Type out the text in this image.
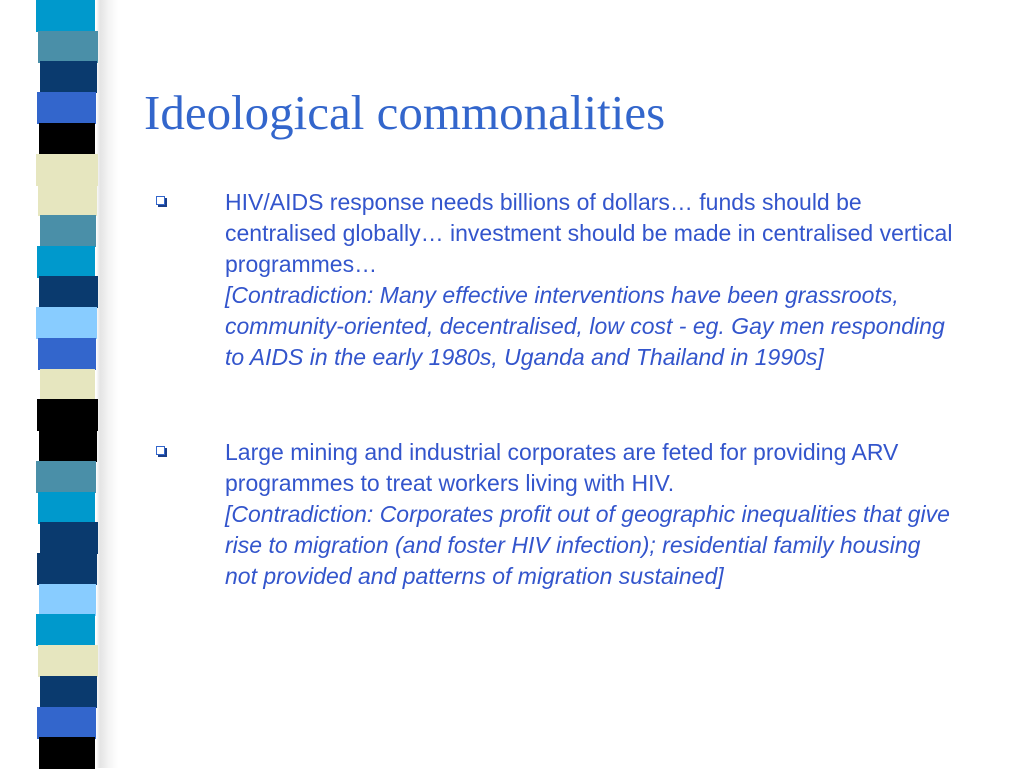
Ideological commonalities
HIV/AIDS response needs billions of dollars… funds should be centralised globally… investment should be made in centralised vertical programmes…
[Contradiction: Many effective interventions have been grassroots, community-oriented, decentralised, low cost - eg. Gay men responding to AIDS in the early 1980s, Uganda and Thailand in 1990s]
Large mining and industrial corporates are feted for providing ARV programmes to treat workers living with HIV.
[Contradiction: Corporates profit out of geographic inequalities that give rise to migration (and foster HIV infection); residential family housing not provided and patterns of migration sustained]
